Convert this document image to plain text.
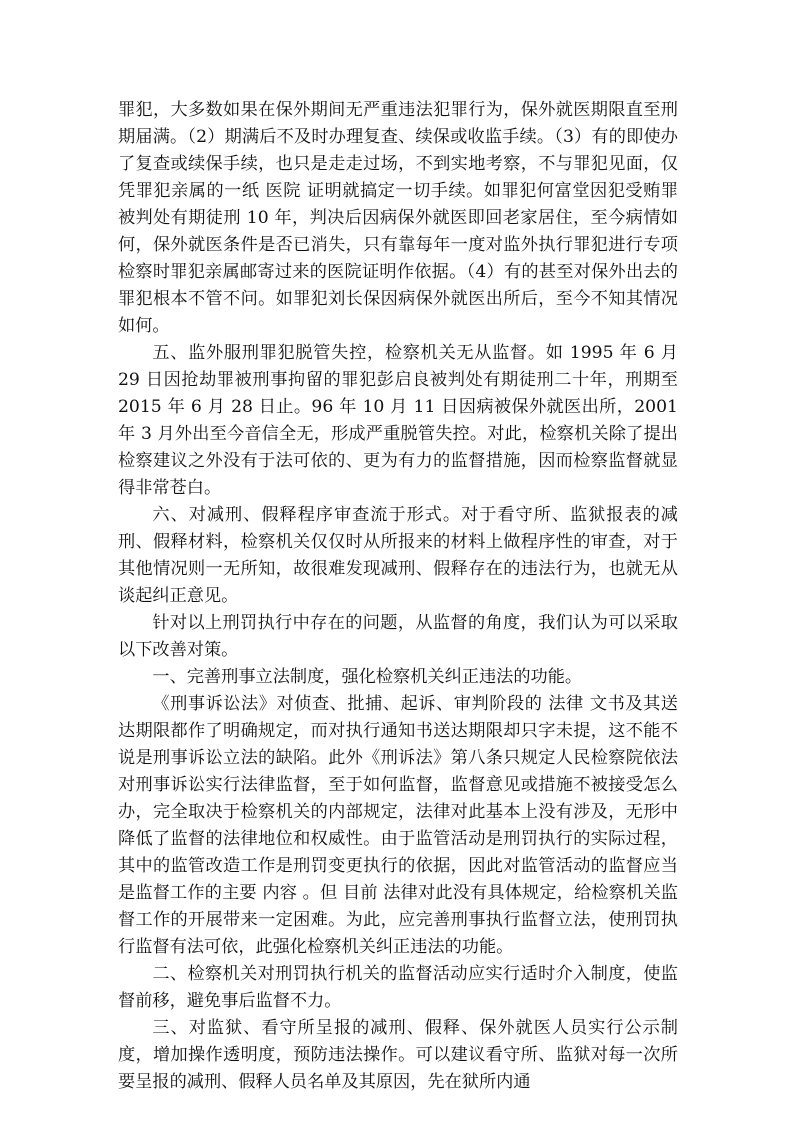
罪犯，大多数如果在保外期间无严重违法犯罪行为，保外就医期限直至刑期届满。（2）期满后不及时办理复查、续保或收监手续。（3）有的即使办了复查或续保手续，也只是走走过场，不到实地考察，不与罪犯见面，仅凭罪犯亲属的一纸 医院 证明就搞定一切手续。如罪犯何富堂因犯受贿罪被判处有期徒刑 10 年，判决后因病保外就医即回老家居住，至今病情如何，保外就医条件是否已消失，只有靠每年一度对监外执行罪犯进行专项检察时罪犯亲属邮寄过来的医院证明作依据。（4）有的甚至对保外出去的罪犯根本不管不问。如罪犯刘长保因病保外就医出所后，至今不知其情况如何。

五、监外服刑罪犯脱管失控，检察机关无从监督。如 1995 年 6 月 29 日因抢劫罪被刑事拘留的罪犯彭启良被判处有期徒刑二十年，刑期至 2015 年 6 月 28 日止。96 年 10 月 11 日因病被保外就医出所，2001 年 3 月外出至今音信全无，形成严重脱管失控。对此，检察机关除了提出检察建议之外没有于法可依的、更为有力的监督措施，因而检察监督就显得非常苍白。

六、对减刑、假释程序审查流于形式。对于看守所、监狱报表的减刑、假释材料，检察机关仅仅时从所报来的材料上做程序性的审查，对于其他情况则一无所知，故很难发现减刑、假释存在的违法行为，也就无从谈起纠正意见。

针对以上刑罚执行中存在的问题，从监督的角度，我们认为可以采取以下改善对策。

一、完善刑事立法制度，强化检察机关纠正违法的功能。

《刑事诉讼法》对侦查、批捕、起诉、审判阶段的 法律 文书及其送达期限都作了明确规定，而对执行通知书送达期限却只字未提，这不能不说是刑事诉讼立法的缺陷。此外《刑诉法》第八条只规定人民检察院依法对刑事诉讼实行法律监督，至于如何监督，监督意见或措施不被接受怎么办，完全取决于检察机关的内部规定，法律对此基本上没有涉及，无形中降低了监督的法律地位和权威性。由于监管活动是刑罚执行的实际过程，其中的监管改造工作是刑罚变更执行的依据，因此对监管活动的监督应当是监督工作的主要 内容 。但 目前 法律对此没有具体规定，给检察机关监督工作的开展带来一定困难。为此，应完善刑事执行监督立法，使刑罚执行监督有法可依，此强化检察机关纠正违法的功能。

二、检察机关对刑罚执行机关的监督活动应实行适时介入制度，使监督前移，避免事后监督不力。

三、对监狱、看守所呈报的减刑、假释、保外就医人员实行公示制度，增加操作透明度，预防违法操作。可以建议看守所、监狱对每一次所要呈报的减刑、假释人员名单及其原因，先在狱所内通
